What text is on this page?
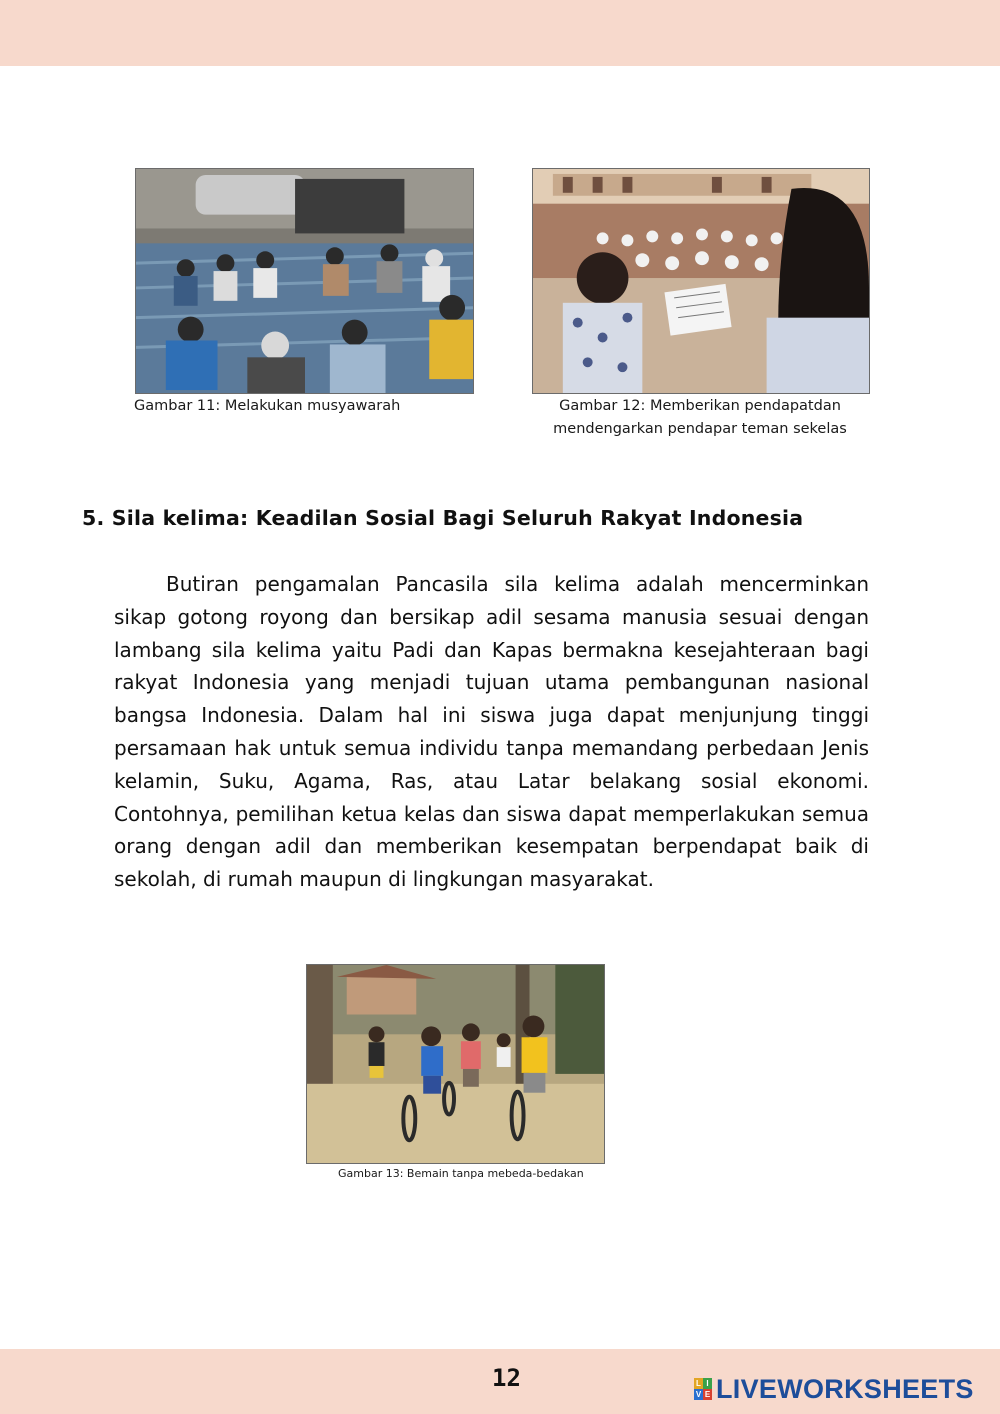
Gambar 11: Melakukan musyawarah	Gambar 12: Memberikan pendapatdan
mendengarkan pendapar teman sekelas
5. Sila kelima: Keadilan Sosial Bagi Seluruh Rakyat Indonesia
Butiran pengamalan Pancasila sila kelima adalah mencerminkan sikap gotong royong dan bersikap adil sesama manusia sesuai dengan lambang sila kelima yaitu Padi dan Kapas bermakna kesejahteraan bagi rakyat Indonesia yang menjadi tujuan utama pembangunan nasional bangsa Indonesia. Dalam hal ini siswa juga dapat menjunjung tinggi persamaan hak untuk semua individu tanpa memandang perbedaan Jenis kelamin, Suku, Agama, Ras, atau Latar belakang sosial ekonomi. Contohnya, pemilihan ketua kelas dan siswa dapat memperlakukan semua orang dengan adil dan memberikan kesempatan berpendapat baik di sekolah, di rumah maupun di lingkungan masyarakat.
Gambar 13: Bemain tanpa mebeda-bedakan
12	L I
V E LIVEWORKSHEETS
